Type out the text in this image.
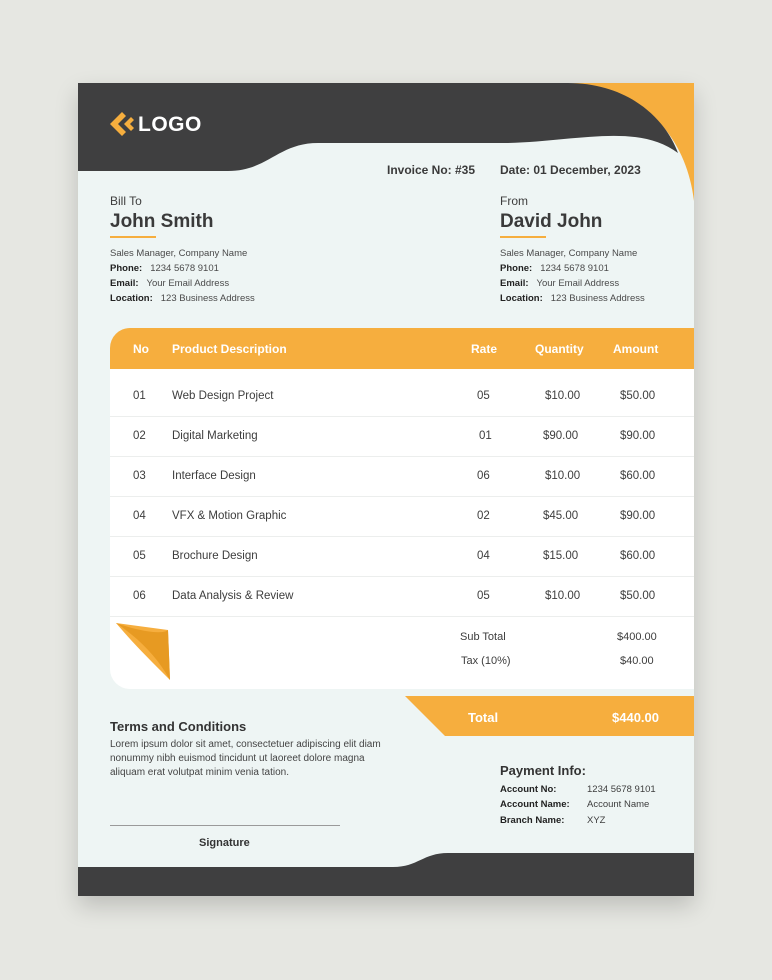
LOGO
Invoice No: #35 Date: 01 December, 2023
Bill To
John Smith
Sales Manager, Company Name
Phone: 1234 5678 9101
Email: Your Email Address
Location: 123 Business Address
From
David John
Sales Manager, Company Name
Phone: 1234 5678 9101
Email: Your Email Address
Location: 123 Business Address
No Product Description	Rate	Quantity Amount
01 Web Design Project	05	$10.00	$50.00
02 Digital Marketing	01	$90.00	$90.00
03 Interface Design	06	$10.00	$60.00
04 VFX & Motion Graphic	02	$45.00	$90.00
05 Brochure Design	04	$15.00	$60.00
06 Data Analysis & Review	05	$10.00	$50.00
Sub Total	$400.00
Tax (10%)	$40.00
Total	$440.00
Terms and Conditions
Lorem ipsum dolor sit amet, consectetuer adipiscing elit diam nonummy nibh euismod tincidunt ut laoreet dolore magna aliquam erat volutpat minim venia tation.	Payment Info:
Account No:	1234 5678 9101
Account Name: Account Name
Branch Name: XYZ
Signature
